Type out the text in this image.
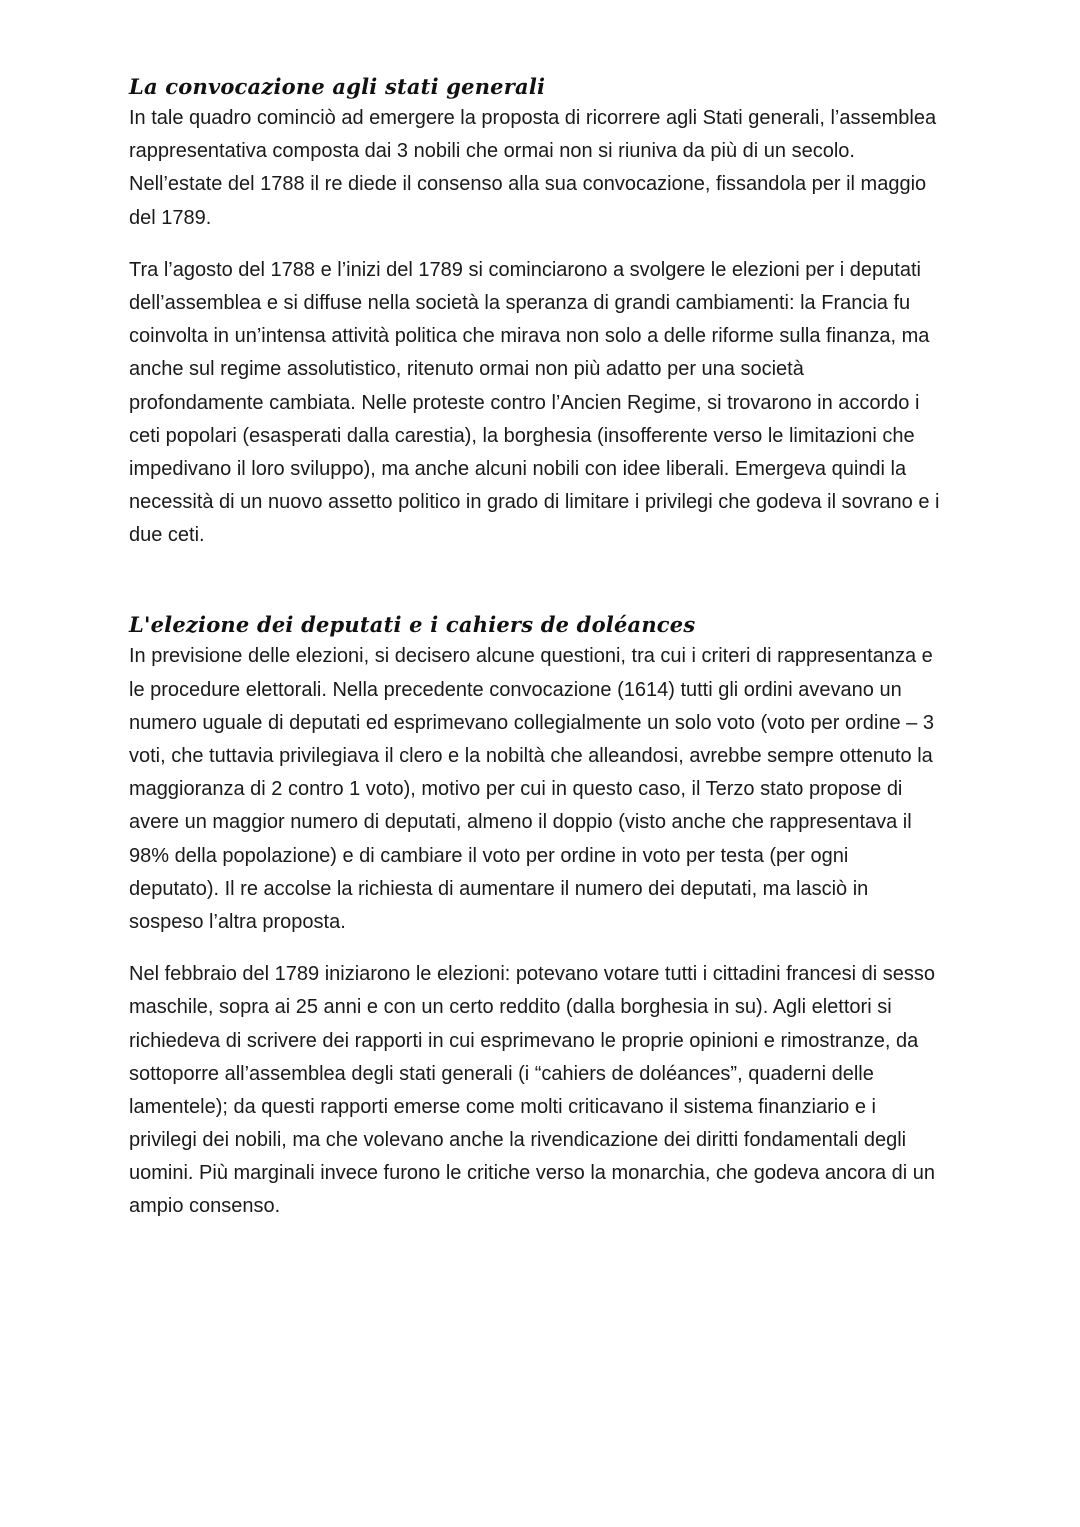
La convocazione agli stati generali

In tale quadro cominciò ad emergere la proposta di ricorrere agli Stati generali, l’assemblea
rappresentativa composta dai 3 nobili che ormai non si riuniva da più di un secolo.
Nell’estate del 1788 il re diede il consenso alla sua convocazione, fissandola per il maggio
del 1789.

Tra l’agosto del 1788 e l’inizi del 1789 si cominciarono a svolgere le elezioni per i deputati
dell’assemblea e si diffuse nella società la speranza di grandi cambiamenti: la Francia fu
coinvolta in un’intensa attività politica che mirava non solo a delle riforme sulla finanza, ma
anche sul regime assolutistico, ritenuto ormai non più adatto per una società
profondamente cambiata. Nelle proteste contro l’Ancien Regime, si trovarono in accordo i
ceti popolari (esasperati dalla carestia), la borghesia (insofferente verso le limitazioni che
impedivano il loro sviluppo), ma anche alcuni nobili con idee liberali. Emergeva quindi la
necessità di un nuovo assetto politico in grado di limitare i privilegi che godeva il sovrano e i
due ceti.

L'elezione dei deputati e i cahiers de doléances

In previsione delle elezioni, si decisero alcune questioni, tra cui i criteri di rappresentanza e
le procedure elettorali. Nella precedente convocazione (1614) tutti gli ordini avevano un
numero uguale di deputati ed esprimevano collegialmente un solo voto (voto per ordine – 3
voti, che tuttavia privilegiava il clero e la nobiltà che alleandosi, avrebbe sempre ottenuto la
maggioranza di 2 contro 1 voto), motivo per cui in questo caso, il Terzo stato propose di
avere un maggior numero di deputati, almeno il doppio (visto anche che rappresentava il
98% della popolazione) e di cambiare il voto per ordine in voto per testa (per ogni
deputato). Il re accolse la richiesta di aumentare il numero dei deputati, ma lasciò in
sospeso l’altra proposta.

Nel febbraio del 1789 iniziarono le elezioni: potevano votare tutti i cittadini francesi di sesso
maschile, sopra ai 25 anni e con un certo reddito (dalla borghesia in su). Agli elettori si
richiedeva di scrivere dei rapporti in cui esprimevano le proprie opinioni e rimostranze, da
sottoporre all’assemblea degli stati generali (i “cahiers de doléances”, quaderni delle
lamentele); da questi rapporti emerse come molti criticavano il sistema finanziario e i
privilegi dei nobili, ma che volevano anche la rivendicazione dei diritti fondamentali degli
uomini. Più marginali invece furono le critiche verso la monarchia, che godeva ancora di un
ampio consenso.
